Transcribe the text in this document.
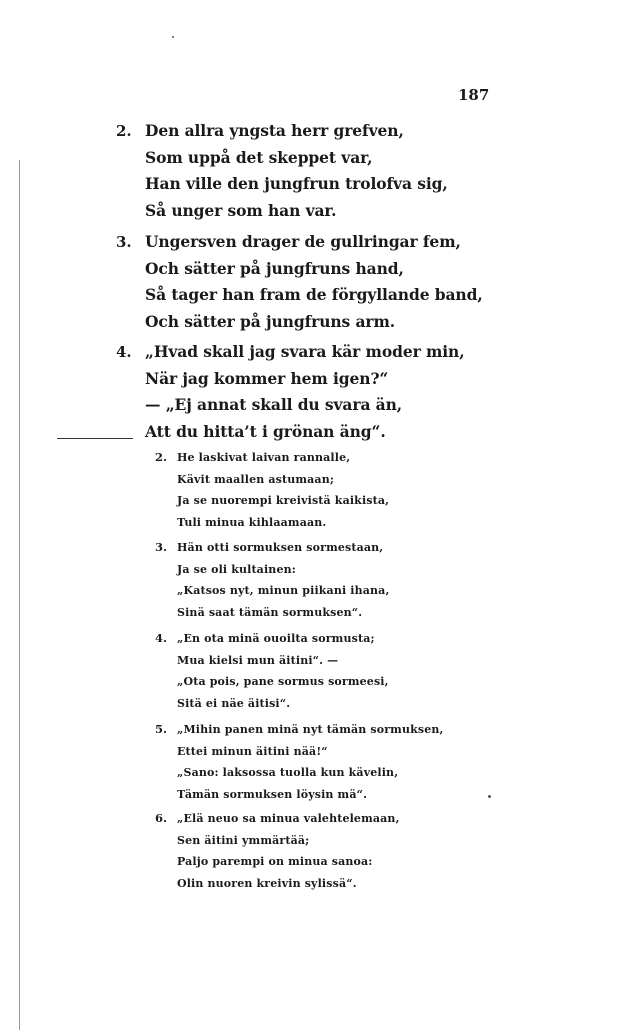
187
2. Den allra yngsta herr grefven,
Som uppå det skeppet var,
Han ville den jungfrun trolofva sig,
Så unger som han var.
3. Ungersven drager de gullringar fem,
Och sätter på jungfruns hand,
Så tager han fram de förgyllande band,
Och sätter på jungfruns arm.
4. „Hvad skall jag svara kär moder min,
När jag kommer hem igen?“
— „Ej annat skall du svara än,
Att du hitta’t i grönan äng“.
2. He laskivat laivan rannalle,
Kävit maallen astumaan;
Ja se nuorempi kreivistä kaikista,
Tuli minua kihlaamaan.
3. Hän otti sormuksen sormestaan,
Ja se oli kultainen:
„Katsos nyt, minun piikani ihana,
Sinä saat tämän sormuksen“.
4. „En ota minä ouoilta sormusta;
Mua kielsi mun äitini“. —
„Ota pois, pane sormus sormeesi,
Sitä ei näe äitisi“.
5. „Mihin panen minä nyt tämän sormuksen,
Ettei minun äitini nää!“
„Sano: laksossa tuolla kun kävelin,
Tämän sormuksen löysin mä“.
6. „Elä neuo sa minua valehtelemaan,
Sen äitini ymmärtää;
Paljo parempi on minua sanoa:
Olin nuoren kreivin sylissä“.
